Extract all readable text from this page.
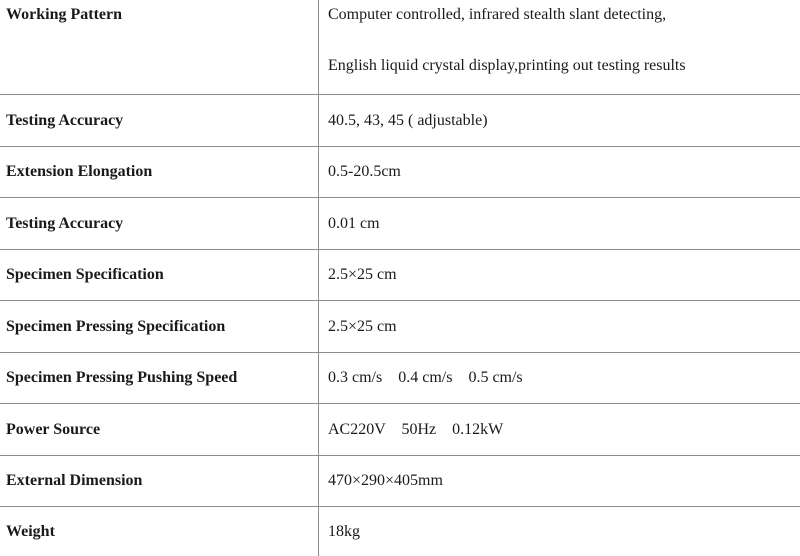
Working Pattern	Computer controlled, infrared stealth slant detecting,
English liquid crystal display,printing out testing results

Testing Accuracy	40.5, 43, 45 ( adjustable)

Extension Elongation	0.5-20.5cm

Testing Accuracy	0.01 cm

Specimen Specification	2.5×25 cm

Specimen Pressing Specification	2.5×25 cm

Specimen Pressing Pushing Speed	0.3 cm/s    0.4 cm/s    0.5 cm/s

Power Source	AC220V    50Hz    0.12kW

External Dimension	470×290×405mm

Weight	18kg
